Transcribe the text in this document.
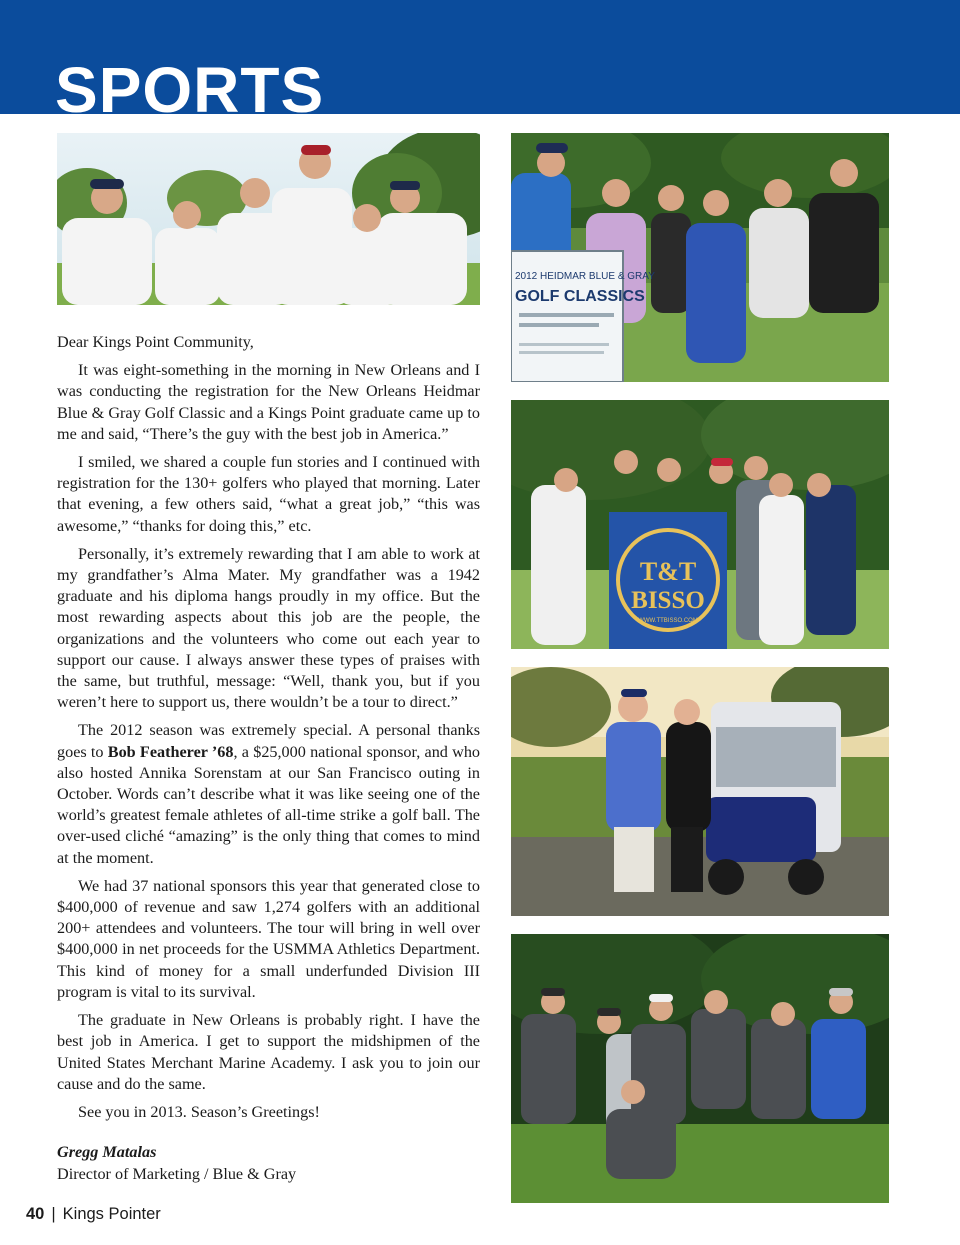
SPORTS
2012 HEIDMAR BLUE & GRAY
GOLF CLASSICS
T&T
BISSO
WWW.TTBISSO.COM

Dear Kings Point Community,

It was eight-something in the morning in New Orleans and I was conducting the registration for the New Orleans Heidmar Blue & Gray Golf Classic and a Kings Point graduate came up to me and said, “There’s the guy with the best job in America.”

I smiled, we shared a couple fun stories and I continued with registration for the 130+ golfers who played that morning. Later that evening, a few others said, “what a great job,” “this was awesome,” “thanks for doing this,” etc.

Personally, it’s extremely rewarding that I am able to work at my grandfather’s Alma Mater. My grandfather was a 1942 graduate and his diploma hangs proudly in my office. But the most rewarding aspects about this job are the people, the organizations and the volunteers who come out each year to support our cause. I always answer these types of praises with the same, but truthful, message: “Well, thank you, but if you weren’t here to support us, there wouldn’t be a tour to direct.”

The 2012 season was extremely special. A personal thanks goes to Bob Featherer ’68, a $25,000 national sponsor, and who also hosted Annika Sorenstam at our San Francisco outing in October. Words can’t describe what it was like seeing one of the world’s greatest female athletes of all-time strike a golf ball. The over-used cliché “amazing” is the only thing that comes to mind at the moment.

We had 37 national sponsors this year that generated close to $400,000 of revenue and saw 1,274 golfers with an additional 200+ attendees and volunteers. The tour will bring in well over $400,000 in net proceeds for the USMMA Athletics Department. This kind of money for a small underfunded Division III program is vital to its survival.

The graduate in New Orleans is probably right. I have the best job in America. I get to support the midshipmen of the United States Merchant Marine Academy. I ask you to join our cause and do the same.

See you in 2013. Season’s Greetings!

Gregg Matalas
Director of Marketing / Blue & Gray
40 | Kings Pointer
